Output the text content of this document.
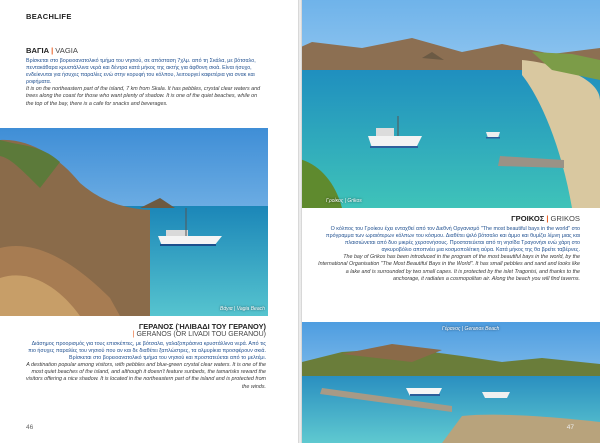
BEACHLIFE
ΒΑΓΙΑ | VAGIA

Βρίσκεται στο βορειοανατολικό τμήμα του νησιού, σε απόσταση 7χλμ. από τη Σκάλα, με βότσαλο, πεντακάθαρα κρυστάλλινα νερά και δέντρα κατά μήκος της ακτής για άφθονη σκιά. Είναι ήσυχο, ενδείκνυται για ήσυχες παραλίες ενώ στην κορυφή του κόλπου, λειτουργεί καφετέρια για σνακ και ροφήματα.

It is on the northeastern part of the island, 7 km from Skala. It has pebbles, crystal clear waters and trees along the coast for those who want plenty of shadow. It is one of the quiet beaches, while on the top of the bay, there is a cafe for snacks and beverages.

Βάγια | Vagia Beach
ΓΕΡΑΝΟΣ (ΉΛΙΒΑΔΙ ΤΟΥ ΓΕΡΑΝΟΥ)
| GERANOS (OR LIVADI TOU GERANOU)

Διάσημος προορισμός για τους επισκέπτες, με βότσαλα, γαλαζοπράσινα κρυστάλλινα νερά. Από τις πιο ήσυχες παραλίες του νησιού που αν και δε διαθέτει ξαπλώστρες, τα αλμυρίκια προσφέρουν σκιά. Βρίσκεται στο βορειοανατολικό τμήμα του νησιού και προστατεύεται από το μελτέμι.

A destination popular among visitors, with pebbles and blue-green crystal clear waters. It is one of the most quiet beaches of the island, and although it doesn't feature sunbeds, the tamarisks reward the visitors offering a nice shadow. It is located in the northeastern part of the island and is protected from the winds.

46
Γροίκος | Grikos
ΓΡΟΙΚΟΣ | GRIKOS

Ο κόλπος του Γροίκου έχει ενταχθεί από τον Διεθνή Οργανισμό "The most beautiful bays in the world" στο πρόγραμμα των ωραιότερων κόλπων του κόσμου. Διαθέτει ψιλό βότσαλο και άμμο και θυμίζει λίμνη μιας και πλαισιώνεται από δυο μικρές χερσονήσους. Προστατεύεται από τη νησίδα Τραγονήσι ενώ χάρη στο αγκυροβόλιο αποπνέει μια κοσμοπολίτικη αύρα. Κατά μήκος της θα βρείτε ταβέρνες.

The bay of Grikos has been introduced in the program of the most beautiful bays in the world, by the International Organisation "The Most Beautiful Bays in the World". It has small pebbles and sand and looks like a lake and is surrounded by two small capes. It is protected by the islet Tragonisi, and thanks to the anchorage, it radiates a cosmopolitan air. Along the beach you will find taverns.

Γέρανος | Geranos Beach
47
